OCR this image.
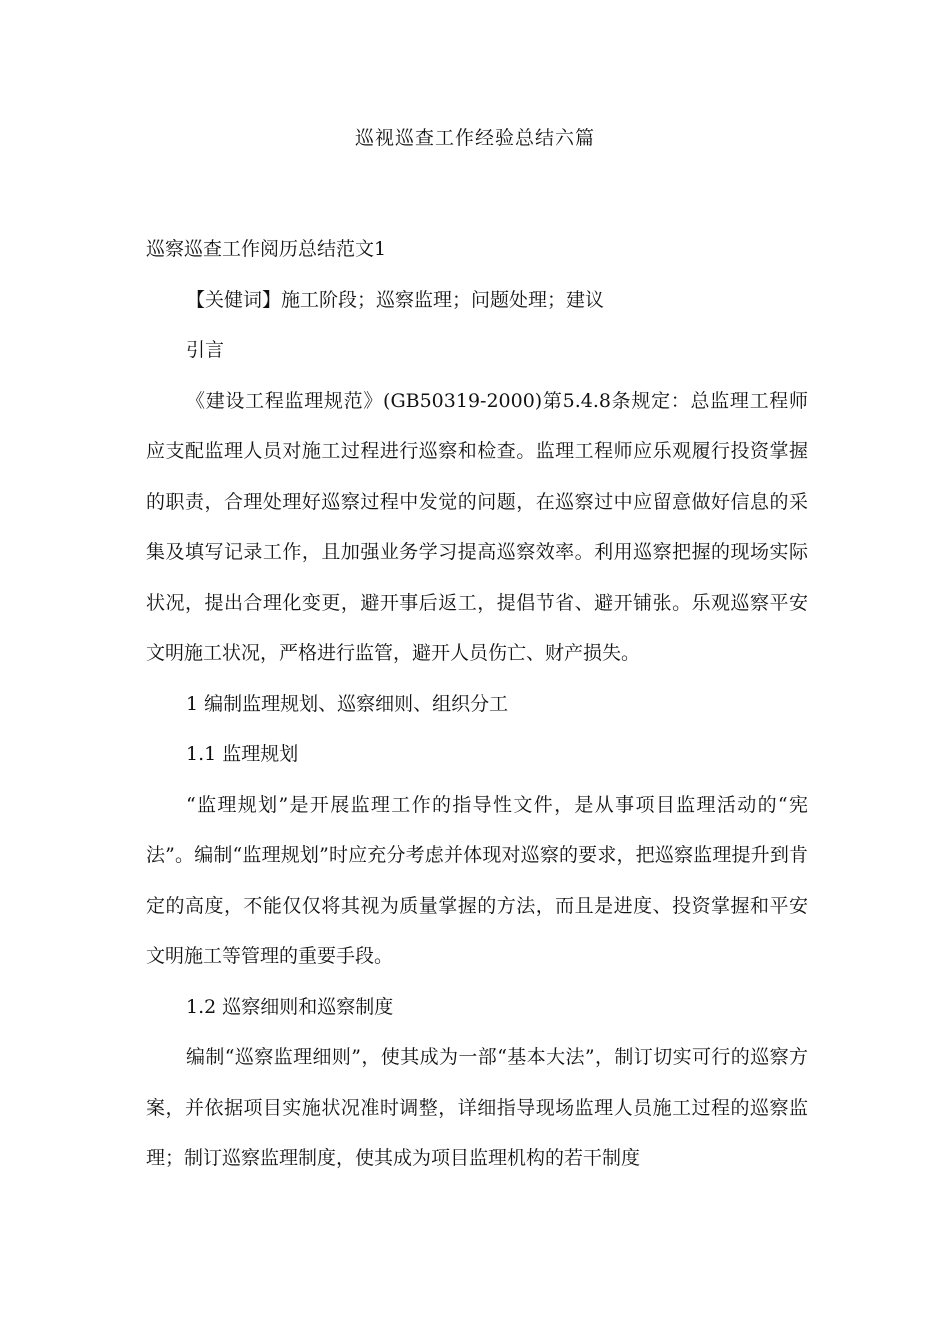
巡视巡查工作经验总结六篇

巡察巡查工作阅历总结范文1

【关健词】施工阶段；巡察监理；问题处理；建议

引言

《建设工程监理规范》(GB50319-2000)第5.4.8条规定：总监理工程师应支配监理人员对施工过程进行巡察和检查。监理工程师应乐观履行投资掌握的职责，合理处理好巡察过程中发觉的问题，在巡察过中应留意做好信息的采集及填写记录工作，且加强业务学习提高巡察效率。利用巡察把握的现场实际状况，提出合理化变更，避开事后返工，提倡节省、避开铺张。乐观巡察平安文明施工状况，严格进行监管，避开人员伤亡、财产损失。

1 编制监理规划、巡察细则、组织分工

1.1 监理规划

“监理规划”是开展监理工作的指导性文件，是从事项目监理活动的“宪法”。编制“监理规划”时应充分考虑并体现对巡察的要求，把巡察监理提升到肯定的高度，不能仅仅将其视为质量掌握的方法，而且是进度、投资掌握和平安文明施工等管理的重要手段。

1.2 巡察细则和巡察制度

编制“巡察监理细则”，使其成为一部“基本大法”，制订切实可行的巡察方案，并依据项目实施状况准时调整，详细指导现场监理人员施工过程的巡察监理；制订巡察监理制度，使其成为项目监理机构的若干制度
